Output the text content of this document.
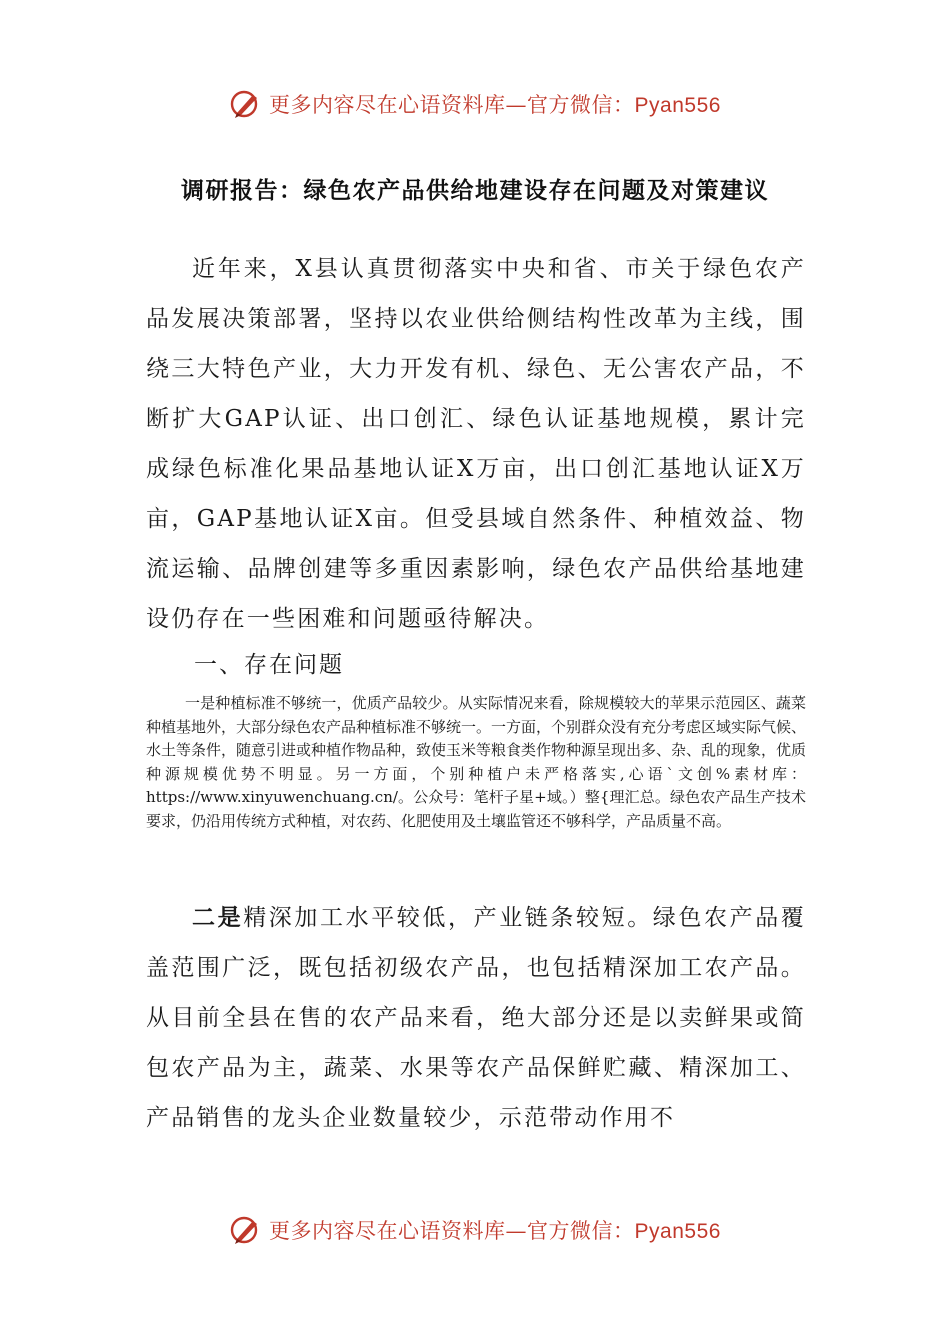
更多内容尽在心语资料库—官方微信：Pyan556
调研报告：绿色农产品供给地建设存在问题及对策建议

近年来，X县认真贯彻落实中央和省、市关于绿色农产品发展决策部署，坚持以农业供给侧结构性改革为主线，围绕三大特色产业，大力开发有机、绿色、无公害农产品，不断扩大GAP认证、出口创汇、绿色认证基地规模，累计完成绿色标准化果品基地认证X万亩，出口创汇基地认证X万亩，GAP基地认证X亩。但受县域自然条件、种植效益、物流运输、品牌创建等多重因素影响，绿色农产品供给基地建设仍存在一些困难和问题亟待解决。

一、存在问题

一是种植标准不够统一，优质产品较少。从实际情况来看，除规模较大的苹果示范园区、蔬菜种植基地外，大部分绿色农产品种植标准不够统一。一方面，个别群众没有充分考虑区域实际气候、水土等条件，随意引进或种植作物品种，致使玉米等粮食类作物种源呈现出多、杂、乱的现象，优质种源规模优势不明显。另一方面，个别种植户未严格落实,心语`文创%素材库：https://www.xinyuwenchuang.cn/。公众号：笔杆子星+域。）整{理汇总。绿色农产品生产技术要求，仍沿用传统方式种植，对农药、化肥使用及土壤监管还不够科学，产品质量不高。

二是精深加工水平较低，产业链条较短。绿色农产品覆盖范围广泛，既包括初级农产品，也包括精深加工农产品。从目前全县在售的农产品来看，绝大部分还是以卖鲜果或简包农产品为主，蔬菜、水果等农产品保鲜贮藏、精深加工、产品销售的龙头企业数量较少，示范带动作用不

更多内容尽在心语资料库—官方微信：Pyan556
